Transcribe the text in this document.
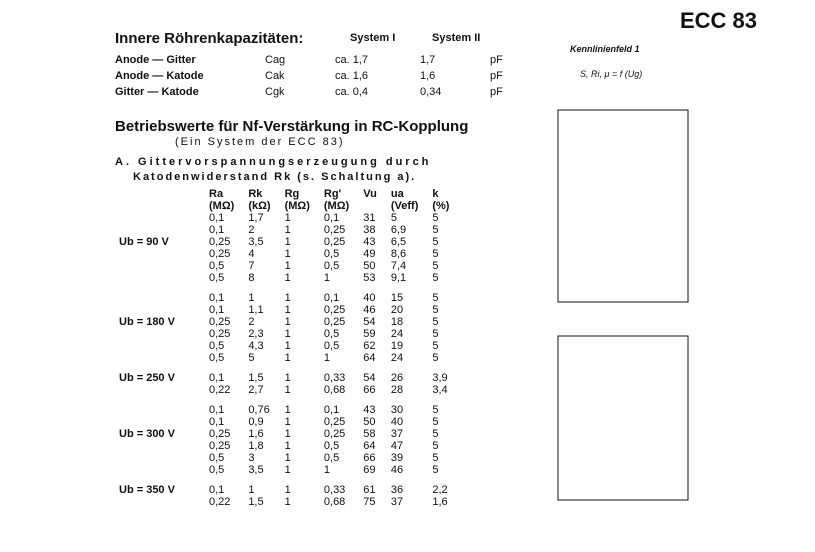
ECC 83
Innere Röhrenkapazitäten:	System I	System II
Anode — Gitter	Cag	ca. 1,7	1,7	pF
Anode — Katode	Cak	ca. 1,6	1,6	pF
Gitter — Katode	Cgk	ca. 0,4	0,34	pF
Betriebswerte für Nf-Verstärkung in RC-Kopplung
(Ein System der ECC 83)
A. Gittervorspannungserzeugung durch
Katodenwiderstand Rk (s. Schaltung a).
	Ra	Rk	Rg	Rg'	Vu	ua	k
	(MΩ)	(kΩ)	(MΩ)	(MΩ)		(Veff)	(%)
	0,1	1,7	1	0,1	31	5	5
	0,1	2	1	0,25	38	6,9	5
Ub = 90 V	0,25	3,5	1	0,25	43	6,5	5
	0,25	4	1	0,5	49	8,6	5
	0,5	7	1	0,5	50	7,4	5
	0,5	8	1	1	53	9,1	5

	0,1	1	1	0,1	40	15	5
	0,1	1,1	1	0,25	46	20	5
Ub = 180 V	0,25	2	1	0,25	54	18	5
	0,25	2,3	1	0,5	59	24	5
	0,5	4,3	1	0,5	62	19	5
	0,5	5	1	1	64	24	5

Ub = 250 V	0,1	1,5	1	0,33	54	26	3,9
	0,22	2,7	1	0,68	66	28	3,4

	0,1	0,76	1	0,1	43	30	5
	0,1	0,9	1	0,25	50	40	5
Ub = 300 V	0,25	1,6	1	0,25	58	37	5
	0,25	1,8	1	0,5	64	47	5
	0,5	3	1	0,5	66	39	5
	0,5	3,5	1	1	69	46	5

Ub = 350 V	0,1	1	1	0,33	61	36	2,2
	0,22	1,5	1	0,68	75	37	1,6

Kennlinienfeld 1
S, Ri, μ = f (Ug)
